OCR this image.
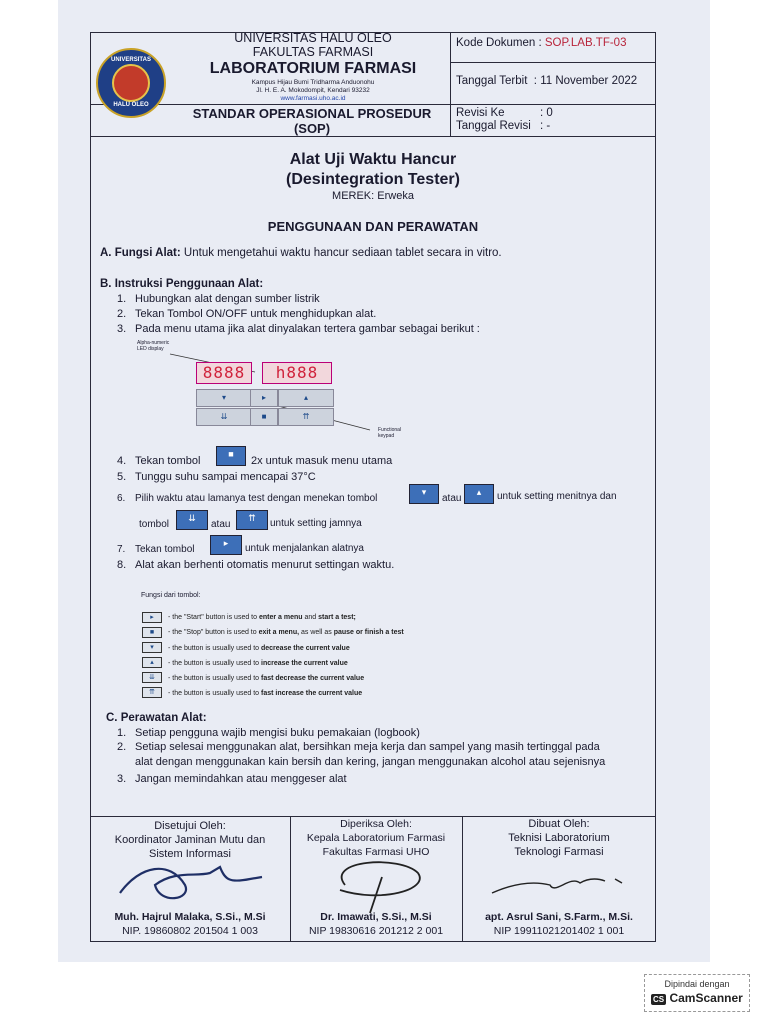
UNIVERSITAS
HALU OLEO
UNIVERSITAS HALU OLEO
FAKULTAS FARMASI
LABORATORIUM FARMASI
Kampus Hijau Bumi Tridharma Anduonohu
Jl. H. E. A. Mokodompit, Kendari 93232
www.farmasi.uho.ac.id
STANDAR OPERASIONAL PROSEDUR
(SOP)
Kode Dokumen : SOP.LAB.TF-03
Tanggal Terbit  : 11 November 2022
Revisi Ke	: 0
Tanggal Revisi : -
Alat Uji Waktu Hancur
(Desintegration Tester)
MEREK: Erweka
PENGGUNAAN DAN PERAWATAN
A. Fungsi Alat: Untuk mengetahui waktu hancur sediaan tablet secara in vitro.
B. Instruksi Penggunaan Alat:
1. Hubungkan alat dengan sumber listrik
2. Tekan Tombol ON/OFF untuk menghidupkan alat.
3. Pada menu utama jika alat dinyalakan tertera gambar sebagai berikut :
Alpha-numeric
LED display
8888	h888
▾	▸	▴
⇊	■	⇈
Functional
keypad
4. Tekan tombol
■
2x untuk masuk menu utama
5. Tunggu suhu sampai mencapai 37°C
6. Pilih waktu atau lamanya test dengan menekan tombol
▾
atau
▴	untuk setting menitnya dan
tombol
⇊
atau
⇈	untuk setting jamnya
7. Tekan tombol
▸	untuk menjalankan alatnya
8. Alat akan berhenti otomatis menurut settingan waktu.
Fungsi dari tombol:
▸	- the "Start" button is used to enter a menu and start a test;
■	- the "Stop" button is used to exit a menu, as well as pause or finish a test
▾	- the button is usually used to decrease the current value
▴	- the button is usually used to increase the current value
⇊	- the button is usually used to fast decrease the current value
⇈	- the button is usually used to fast increase the current value
C. Perawatan Alat:
1. Setiap pengguna wajib mengisi buku pemakaian (logbook)
2. Setiap selesai menggunakan alat, bersihkan meja kerja dan sampel yang masih tertinggal pada
alat dengan menggunakan kain bersih dan kering, jangan menggunakan alcohol atau sejenisnya
3. Jangan memindahkan atau menggeser alat
Disetujui Oleh:
Koordinator Jaminan Mutu dan
Sistem Informasi
Diperiksa Oleh:
Kepala Laboratorium Farmasi
Fakultas Farmasi UHO
Dibuat Oleh:
Teknisi Laboratorium
Teknologi Farmasi
Muh. Hajrul Malaka, S.Si., M.Si
NIP. 19860802 201504 1 003
Dr. Imawati, S.Si., M.Si
NIP 19830616 201212 2 001
apt. Asrul Sani, S.Farm., M.Si.
NIP 19911021201402 1 001
Dipindai dengan
CS CamScanner
